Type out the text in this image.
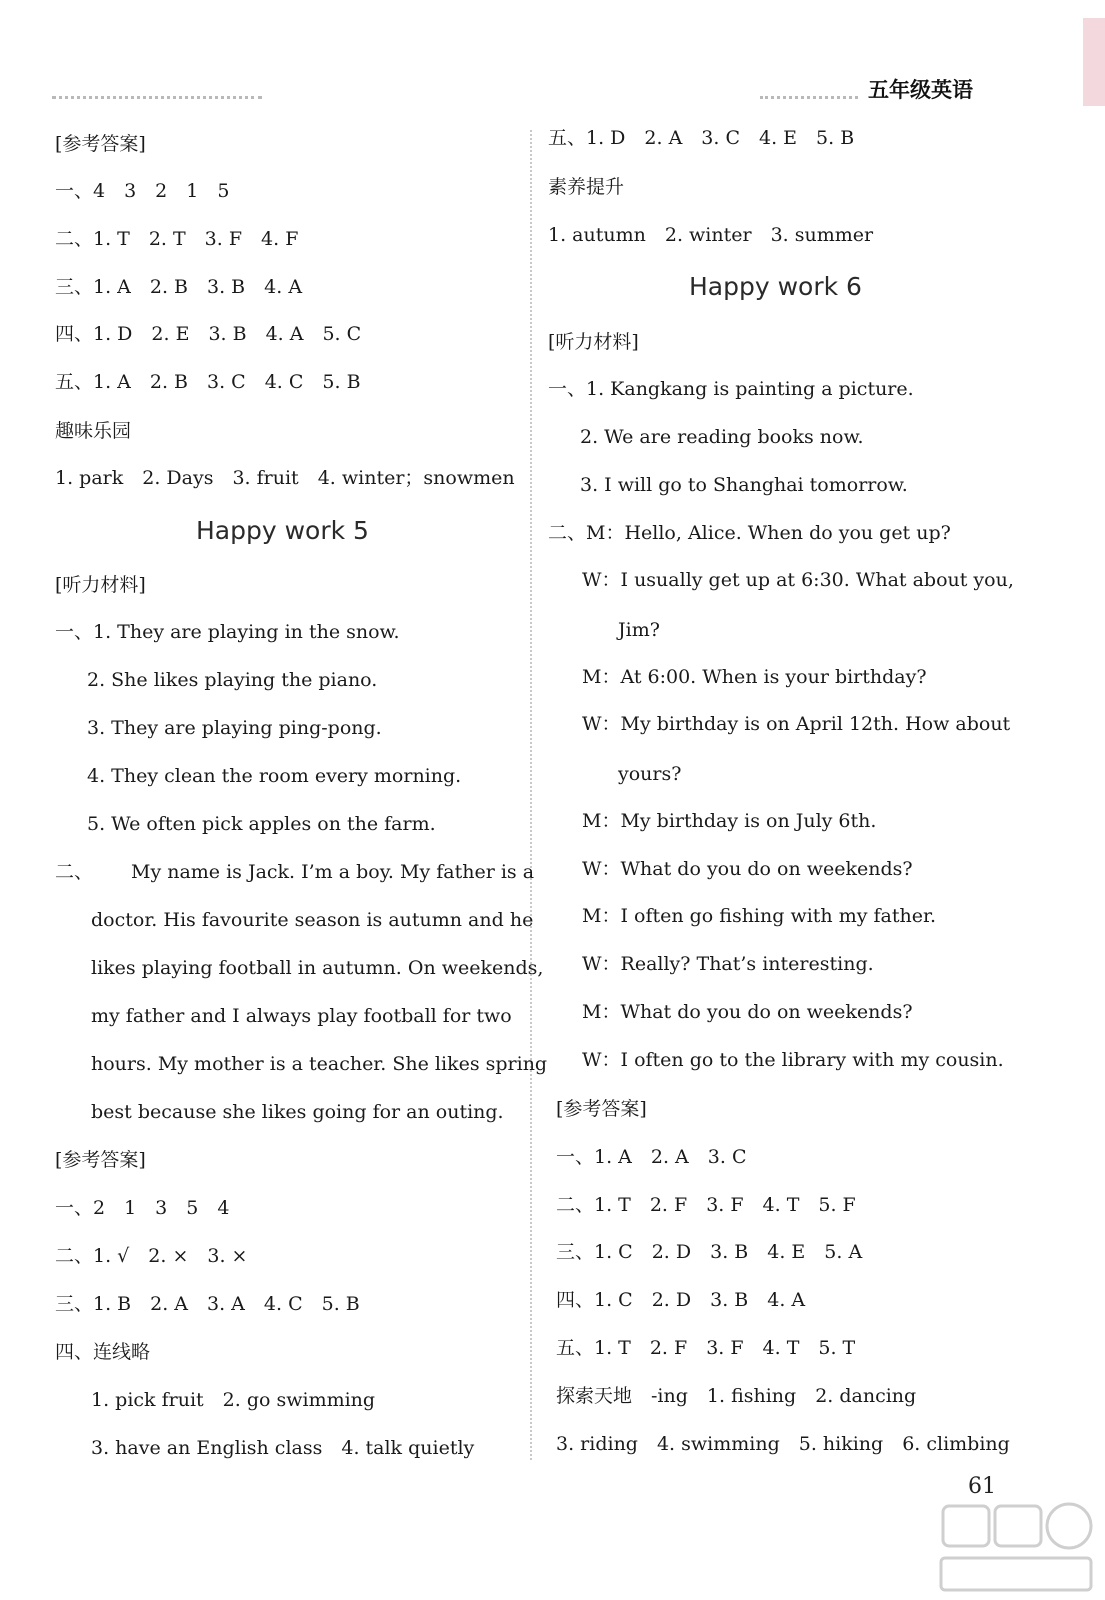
五年级英语
[参考答案]
一、4　3　2　1　5
二、1. T　2. T　3. F　4. F
三、1. A　2. B　3. B　4. A
四、1. D　2. E　3. B　4. A　5. C
五、1. A　2. B　3. C　4. C　5. B
趣味乐园
1. park　2. Days　3. fruit　4. winter；snowmen
Happy work 5
[听力材料]
一、1. They are playing in the snow.
2. She likes playing the piano.
3. They are playing ping-pong.
4. They clean the room every morning.
5. We often pick apples on the farm.
二、 My name is Jack. I’m a boy. My father is a
doctor. His favourite season is autumn and he
likes playing football in autumn. On weekends,
my father and I always play football for two
hours. My mother is a teacher. She likes spring
best because she likes going for an outing.
[参考答案]
一、2　1　3　5　4
二、1. √　2. ×　3. ×
三、1. B　2. A　3. A　4. C　5. B
四、连线略
1. pick fruit　2. go swimming
3. have an English class　4. talk quietly
五、1. D　2. A　3. C　4. E　5. B
素养提升
1. autumn　2. winter　3. summer
Happy work 6
[听力材料]
一、1. Kangkang is painting a picture.
2. We are reading books now.
3. I will go to Shanghai tomorrow.
二、M：Hello, Alice. When do you get up?
W：I usually get up at 6:30. What about you,
Jim?
M：At 6:00. When is your birthday?
W：My birthday is on April 12th. How about
yours?
M：My birthday is on July 6th.
W：What do you do on weekends?
M：I often go fishing with my father.
W：Really? That’s interesting.
M：What do you do on weekends?
W：I often go to the library with my cousin.
[参考答案]
一、1. A　2. A　3. C
二、1. T　2. F　3. F　4. T　5. F
三、1. C　2. D　3. B　4. E　5. A
四、1. C　2. D　3. B　4. A
五、1. T　2. F　3. F　4. T　5. T
探索天地　-ing　1. fishing　2. dancing
3. riding　4. swimming　5. hiking　6. climbing
61
